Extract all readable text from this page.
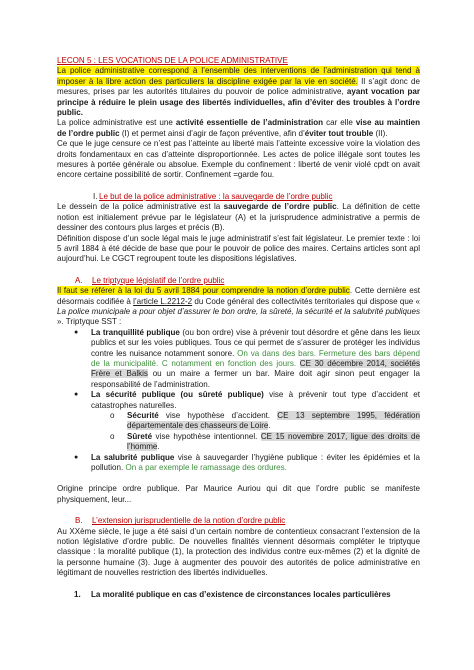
LECON 5 : LES VOCATIONS DE LA POLICE ADMINISTRATIVE

La police administrative correspond à l’ensemble des interventions de l’administration qui tend à imposer à la libre action des particuliers la discipline exigée par la vie en société. Il s’agit donc de mesures, prises par les autorités titulaires du pouvoir de police administrative, ayant vocation par principe à réduire le plein usage des libertés individuelles, afin d’éviter des troubles à l’ordre public.

La police administrative est une activité essentielle de l’administration car elle vise au maintien de l’ordre public (I) et permet ainsi d’agir de façon préventive, afin d’éviter tout trouble (II).

Ce que le juge censure ce n’est pas l’atteinte au liberté mais l’atteinte excessive voire la violation des droits fondamentaux en cas d’atteinte disproportionnée. Les actes de police illégale sont toutes les mesures à portée générale ou absolue. Exemple du confinement : liberté de venir violé cpdt on avait encore certaine possibilité de sortir. Confinement =garde fou.

I. Le but de la police administrative : la sauvegarde de l’ordre public

Le dessein de la police administrative est la sauvegarde de l’ordre public. La définition de cette notion est initialement prévue par le législateur (A) et la jurisprudence administrative a permis de dessiner des contours plus larges et précis (B).

Définition dispose d’un socle légal mais le juge administratif s’est fait législateur. Le premier texte : loi 5 avril 1884 à été décide de base que pour le pouvoir de police des maires. Certains articles sont apl aujourd’hui. Le CGCT regroupent toute les dispositions législatives.

A.	Le triptyque législatif de l’ordre public

Il faut se référer à la loi du 5 avril 1884 pour comprendre la notion d’ordre public. Cette dernière est désormais codifiée à l’article L.2212-2 du Code général des collectivités territoriales qui dispose que « La police municipale a pour objet d’assurer le bon ordre, la sûreté, la sécurité et la salubrité publiques ». Triptyque SST :

●	La tranquillité publique (ou bon ordre) vise à prévenir tout désordre et gêne dans les lieux publics et sur les voies publiques. Tous ce qui permet de s’assurer de protéger les individus contre les nuisance notamment sonore. On va dans des bars. Fermeture des bars dépend de la municipalité. C notamment en fonction des jours. CE 30 décembre 2014, sociétés Frère et Balkis ou un maire a fermer un bar. Maire doit agir sinon peut engager la responsabilité de l’administration.
●	La sécurité publique (ou sûreté publique) vise à prévenir tout type d’accident et catastrophes naturelles.
o	Sécurité vise hypothèse d’accident. CE 13 septembre 1995, fédération départementale des chasseurs de Loire.
o	Sûreté vise hypothèse intentionnel. CE 15 novembre 2017, ligue des droits de l’homme.
●	La salubrité publique vise à sauvegarder l’hygiène publique : éviter les épidémies et la pollution. On a par exemple le ramassage des ordures.

Origine principe ordre publique. Par Maurice Auriou qui dit que l’ordre public se manifeste physiquement, leur...

B.	L’extension jurisprudentielle de la notion d’ordre public

Au XXème siècle, le juge a été saisi d’un certain nombre de contentieux consacrant l’extension de la notion législative d’ordre public. De nouvelles finalités viennent désormais compléter le triptyque classique : la moralité publique (1), la protection des individus contre eux-mêmes (2) et la dignité de la personne humaine (3). Juge à augmenter des pouvoir des autorités de police administrative en légitimant de nouvelles restriction des libertés individuelles.

1.	La moralité publique en cas d’existence de circonstances locales particulières
